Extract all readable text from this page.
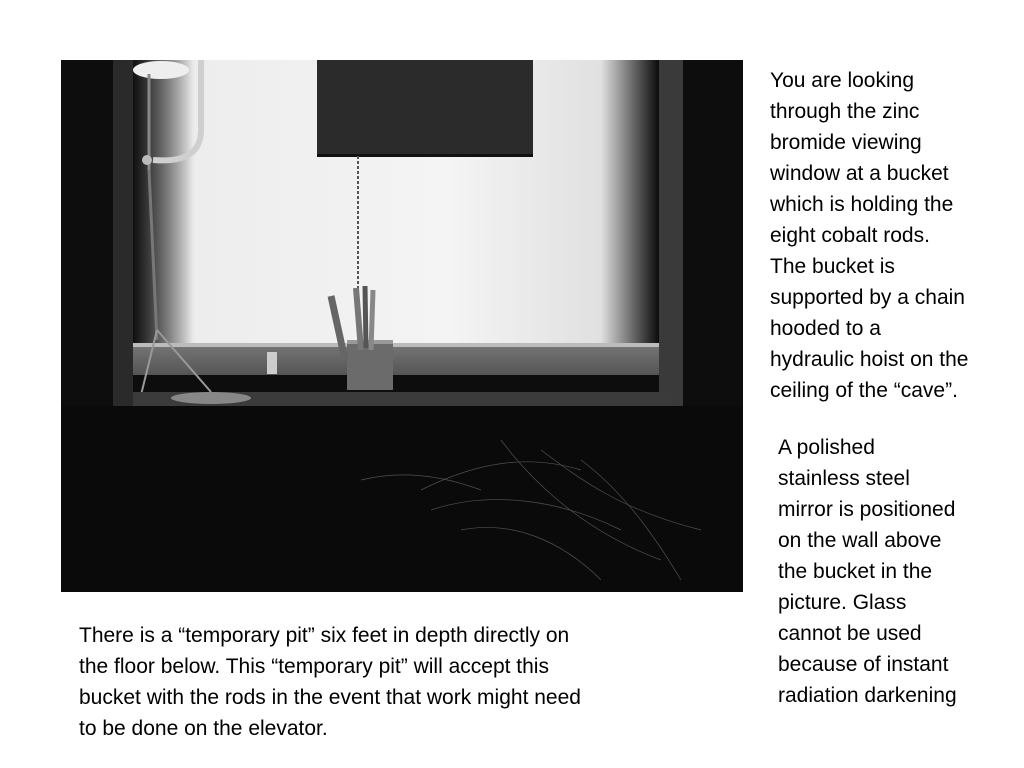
You are looking
through the zinc
bromide viewing
window at a bucket
which is holding the
eight cobalt rods.
The bucket is
supported by a chain
hooded to a
hydraulic hoist on the
ceiling of the “cave”.

A polished
stainless steel
mirror is positioned
on the wall above
the bucket in the
picture. Glass
cannot be used
because of instant
radiation darkening

There is a “temporary pit” six feet in depth directly on
the floor below. This “temporary pit” will accept this
bucket with the rods in the event that work might need
to be done on the elevator.
